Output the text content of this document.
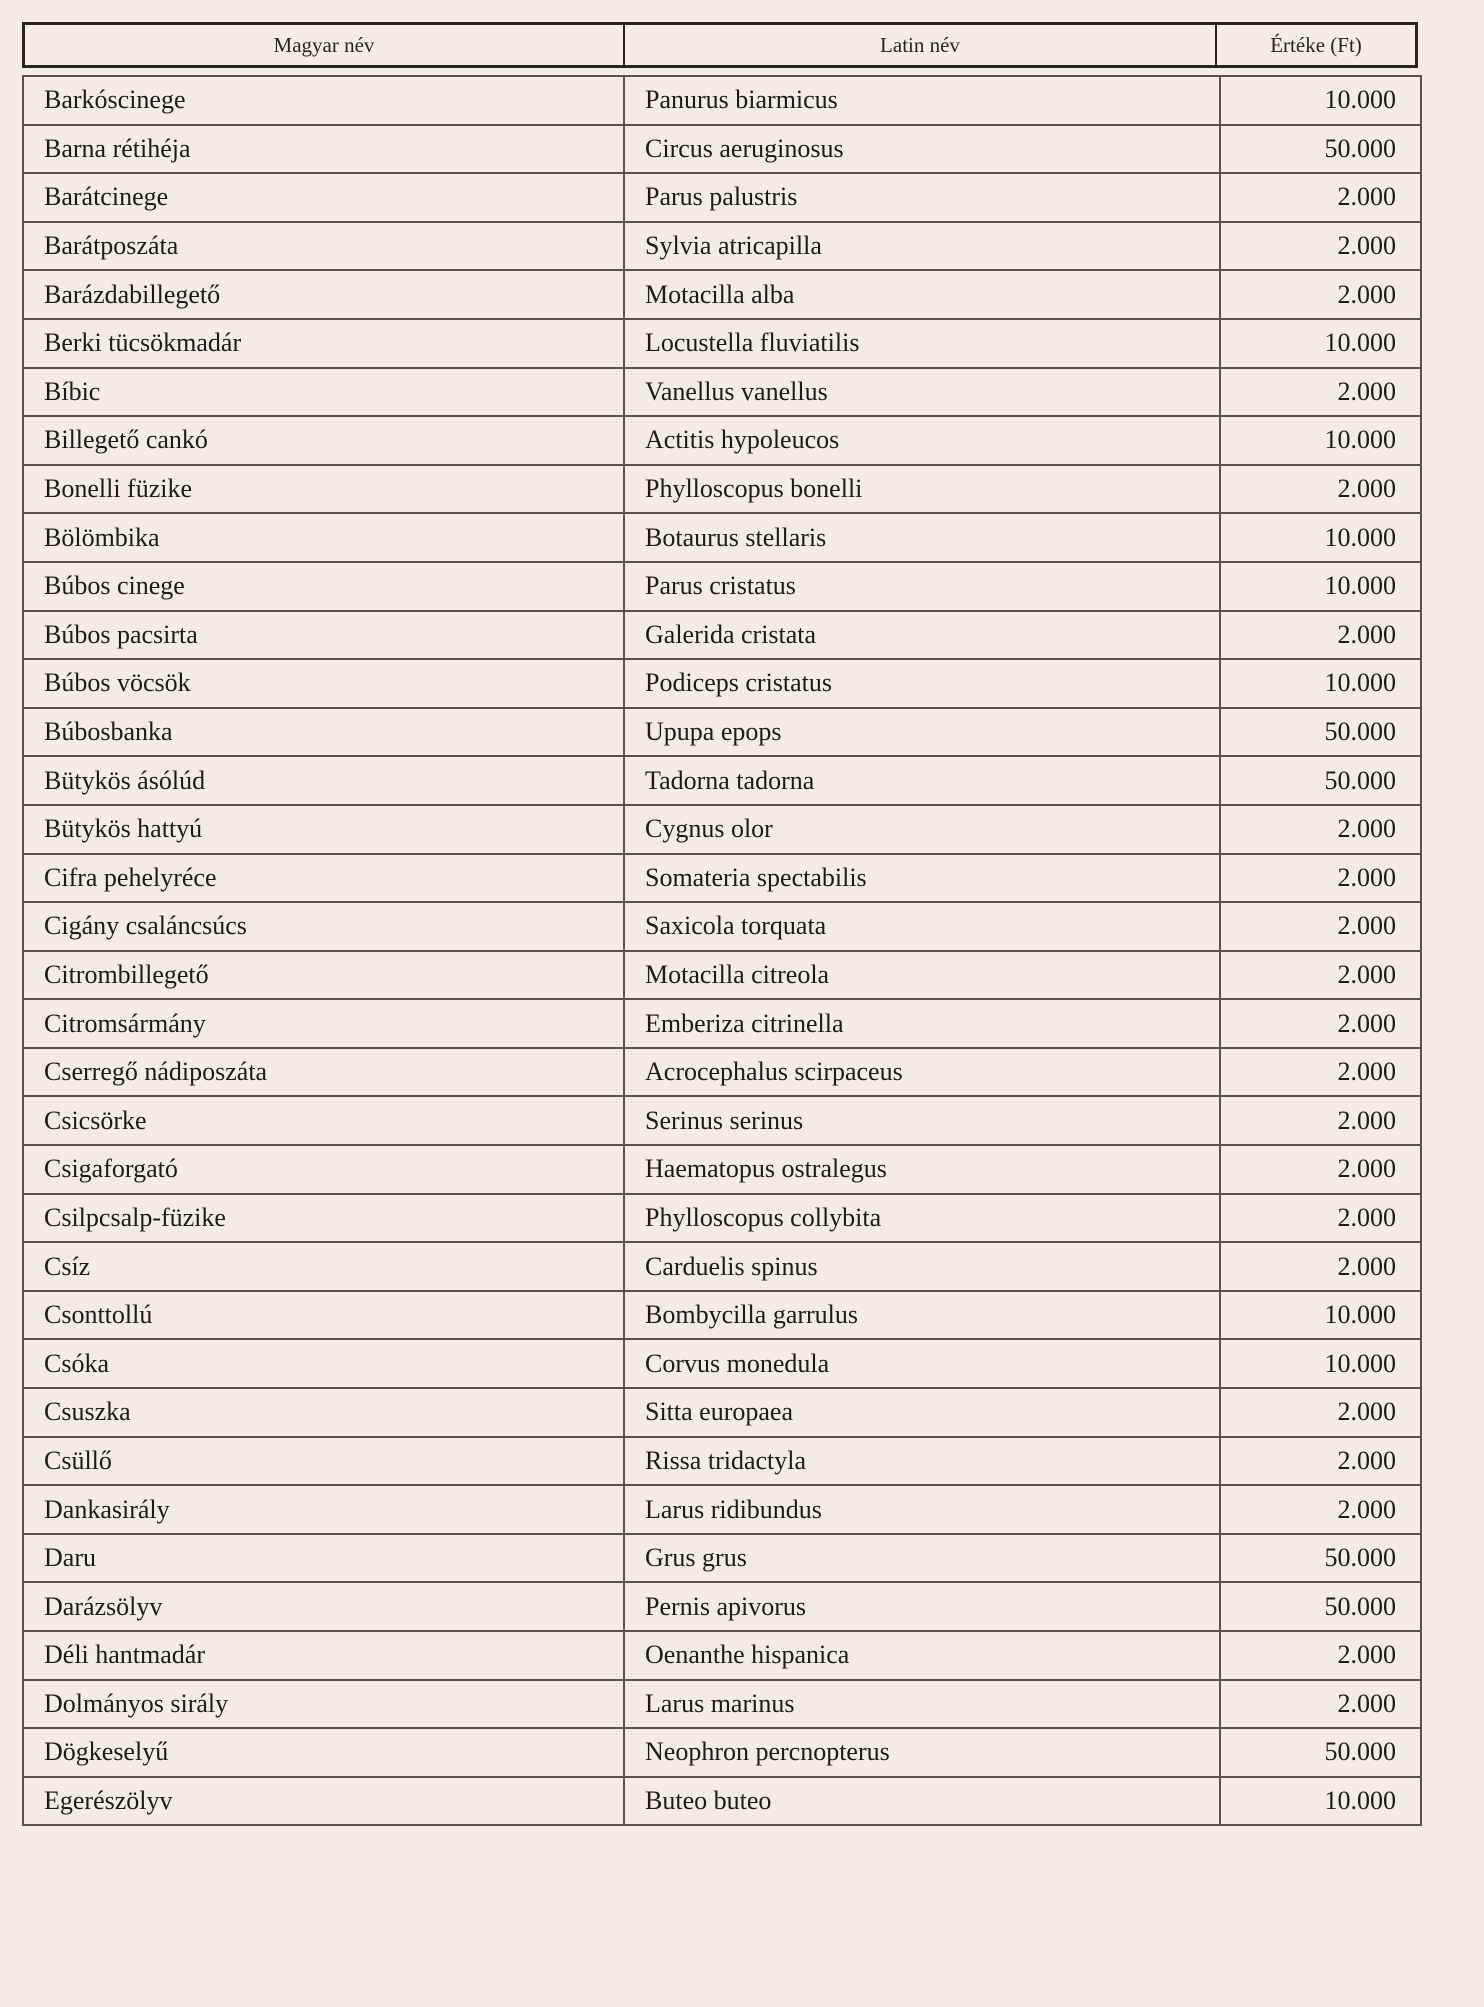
Magyar név	Latin név	Értéke (Ft)
Barkóscinege	Panurus biarmicus	10.000
Barna rétihéja	Circus aeruginosus	50.000
Barátcinege	Parus palustris	2.000
Barátposzáta	Sylvia atricapilla	2.000
Barázdabillegető	Motacilla alba	2.000
Berki tücsökmadár	Locustella fluviatilis	10.000
Bíbic	Vanellus vanellus	2.000
Billegető cankó	Actitis hypoleucos	10.000
Bonelli füzike	Phylloscopus bonelli	2.000
Bölömbika	Botaurus stellaris	10.000
Búbos cinege	Parus cristatus	10.000
Búbos pacsirta	Galerida cristata	2.000
Búbos vöcsök	Podiceps cristatus	10.000
Búbosbanka	Upupa epops	50.000
Bütykös ásólúd	Tadorna tadorna	50.000
Bütykös hattyú	Cygnus olor	2.000
Cifra pehelyréce	Somateria spectabilis	2.000
Cigány csaláncsúcs	Saxicola torquata	2.000
Citrombillegető	Motacilla citreola	2.000
Citromsármány	Emberiza citrinella	2.000
Cserregő nádiposzáta	Acrocephalus scirpaceus	2.000
Csicsörke	Serinus serinus	2.000
Csigaforgató	Haematopus ostralegus	2.000
Csilpcsalp-füzike	Phylloscopus collybita	2.000
Csíz	Carduelis spinus	2.000
Csonttollú	Bombycilla garrulus	10.000
Csóka	Corvus monedula	10.000
Csuszka	Sitta europaea	2.000
Csüllő	Rissa tridactyla	2.000
Dankasirály	Larus ridibundus	2.000
Daru	Grus grus	50.000
Darázsölyv	Pernis apivorus	50.000
Déli hantmadár	Oenanthe hispanica	2.000
Dolmányos sirály	Larus marinus	2.000
Dögkeselyű	Neophron percnopterus	50.000
Egerészölyv	Buteo buteo	10.000
